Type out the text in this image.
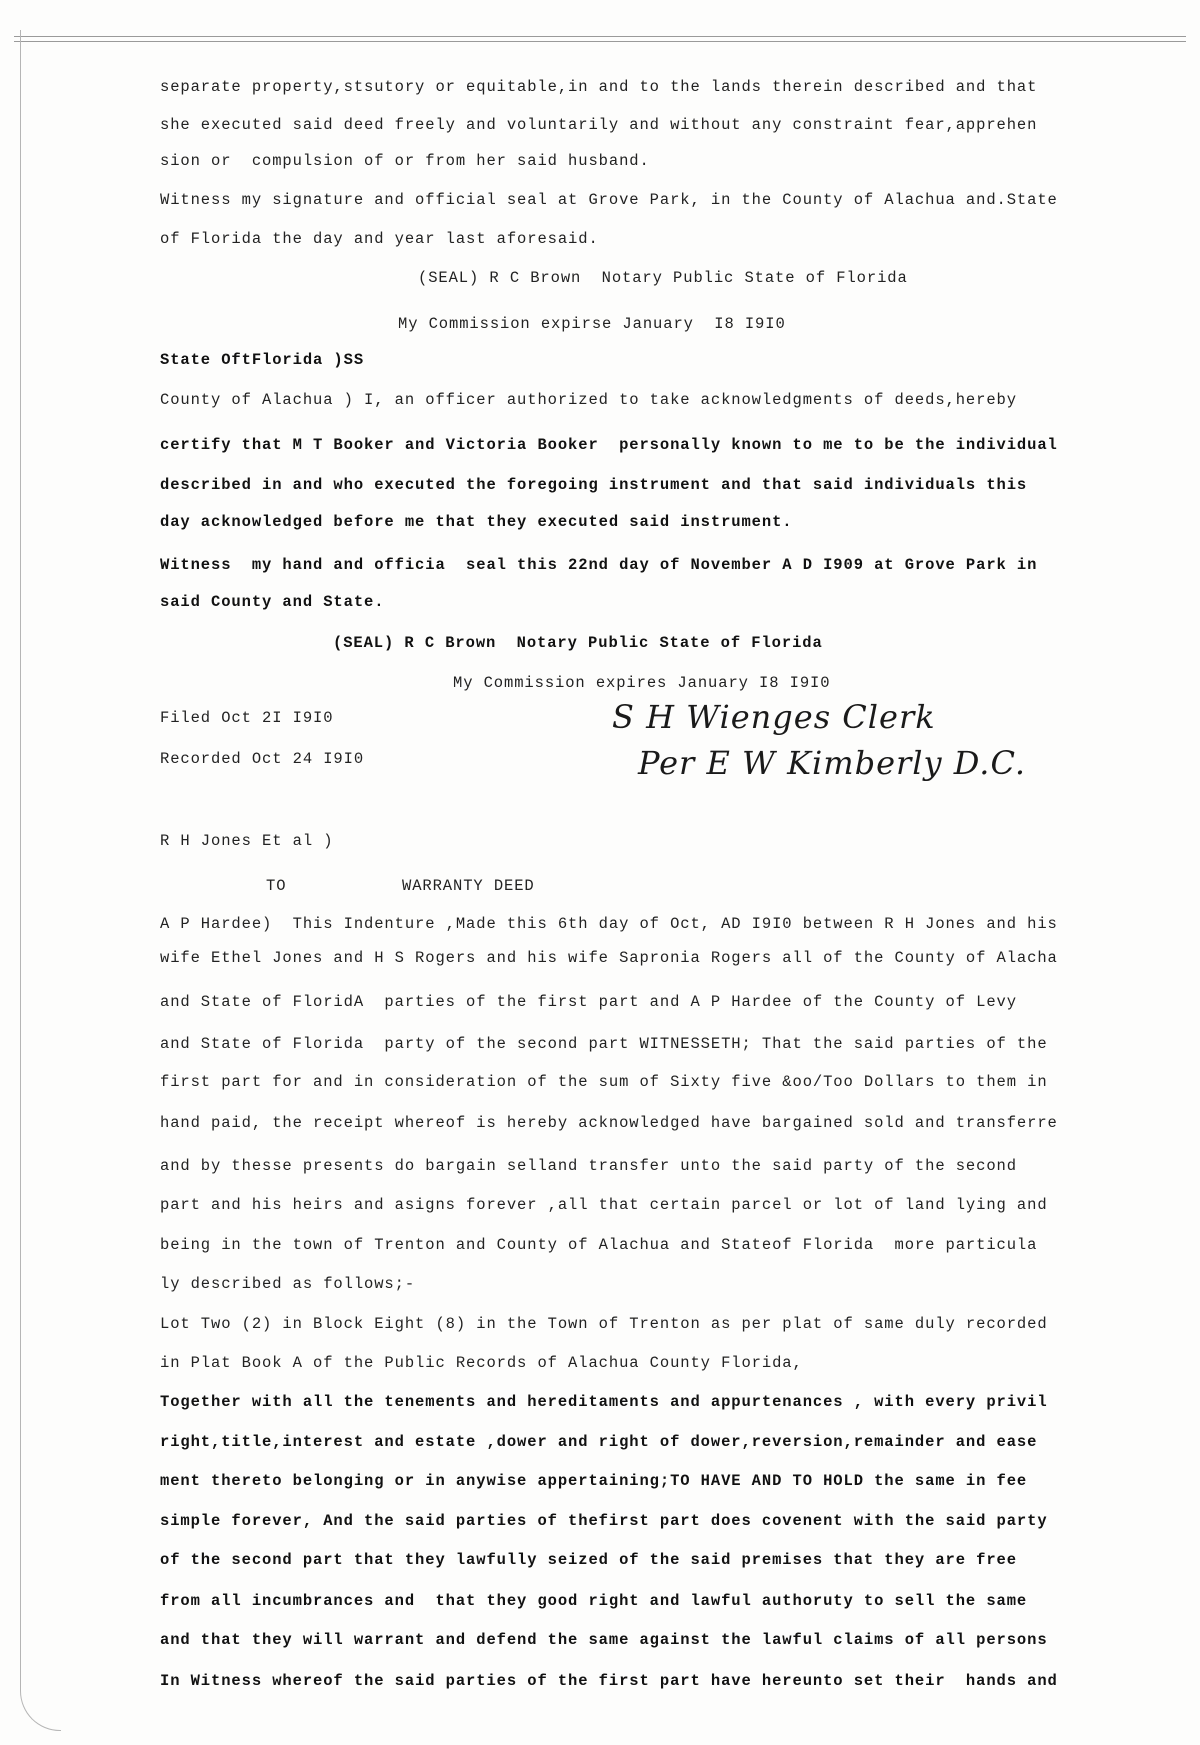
separate property,stsutory or equitable,in and to the lands therein described and that
she executed said deed freely and voluntarily and without any constraint fear,apprehen
sion or  compulsion of or from her said husband.
Witness my signature and official seal at Grove Park, in the County of Alachua and.State
of Florida the day and year last aforesaid.
(SEAL) R C Brown  Notary Public State of Florida
My Commission expirse January  I8 I9I0
State OftFlorida )SS
County of Alachua ) I, an officer authorized to take acknowledgments of deeds,hereby
certify that M T Booker and Victoria Booker  personally known to me to be the individual
described in and who executed the foregoing instrument and that said individuals this
day acknowledged before me that they executed said instrument.
Witness  my hand and officia  seal this 22nd day of November A D I909 at Grove Park in
said County and State.
(SEAL) R C Brown  Notary Public State of Florida
My Commission expires January I8 I9I0
Filed Oct 2I I9I0
Recorded Oct 24 I9I0
S H Wienges Clerk
Per E W Kimberly D.C.
R H Jones Et al )
TO	WARRANTY DEED
A P Hardee)  This Indenture ,Made this 6th day of Oct, AD I9I0 between R H Jones and his
wife Ethel Jones and H S Rogers and his wife Sapronia Rogers all of the County of Alacha
and State of FloridA  parties of the first part and A P Hardee of the County of Levy
and State of Florida  party of the second part WITNESSETH; That the said parties of the
first part for and in consideration of the sum of Sixty five &oo/Too Dollars to them in
hand paid, the receipt whereof is hereby acknowledged have bargained sold and transferre
and by thesse presents do bargain selland transfer unto the said party of the second
part and his heirs and asigns forever ,all that certain parcel or lot of land lying and
being in the town of Trenton and County of Alachua and Stateof Florida  more particula
ly described as follows;-
Lot Two (2) in Block Eight (8) in the Town of Trenton as per plat of same duly recorded
in Plat Book A of the Public Records of Alachua County Florida,
Together with all the tenements and hereditaments and appurtenances , with every privil
right,title,interest and estate ,dower and right of dower,reversion,remainder and ease
ment thereto belonging or in anywise appertaining;TO HAVE AND TO HOLD the same in fee
simple forever, And the said parties of thefirst part does covenent with the said party
of the second part that they lawfully seized of the said premises that they are free
from all incumbrances and  that they good right and lawful authoruty to sell the same
and that they will warrant and defend the same against the lawful claims of all persons
In Witness whereof the said parties of the first part have hereunto set their  hands and
